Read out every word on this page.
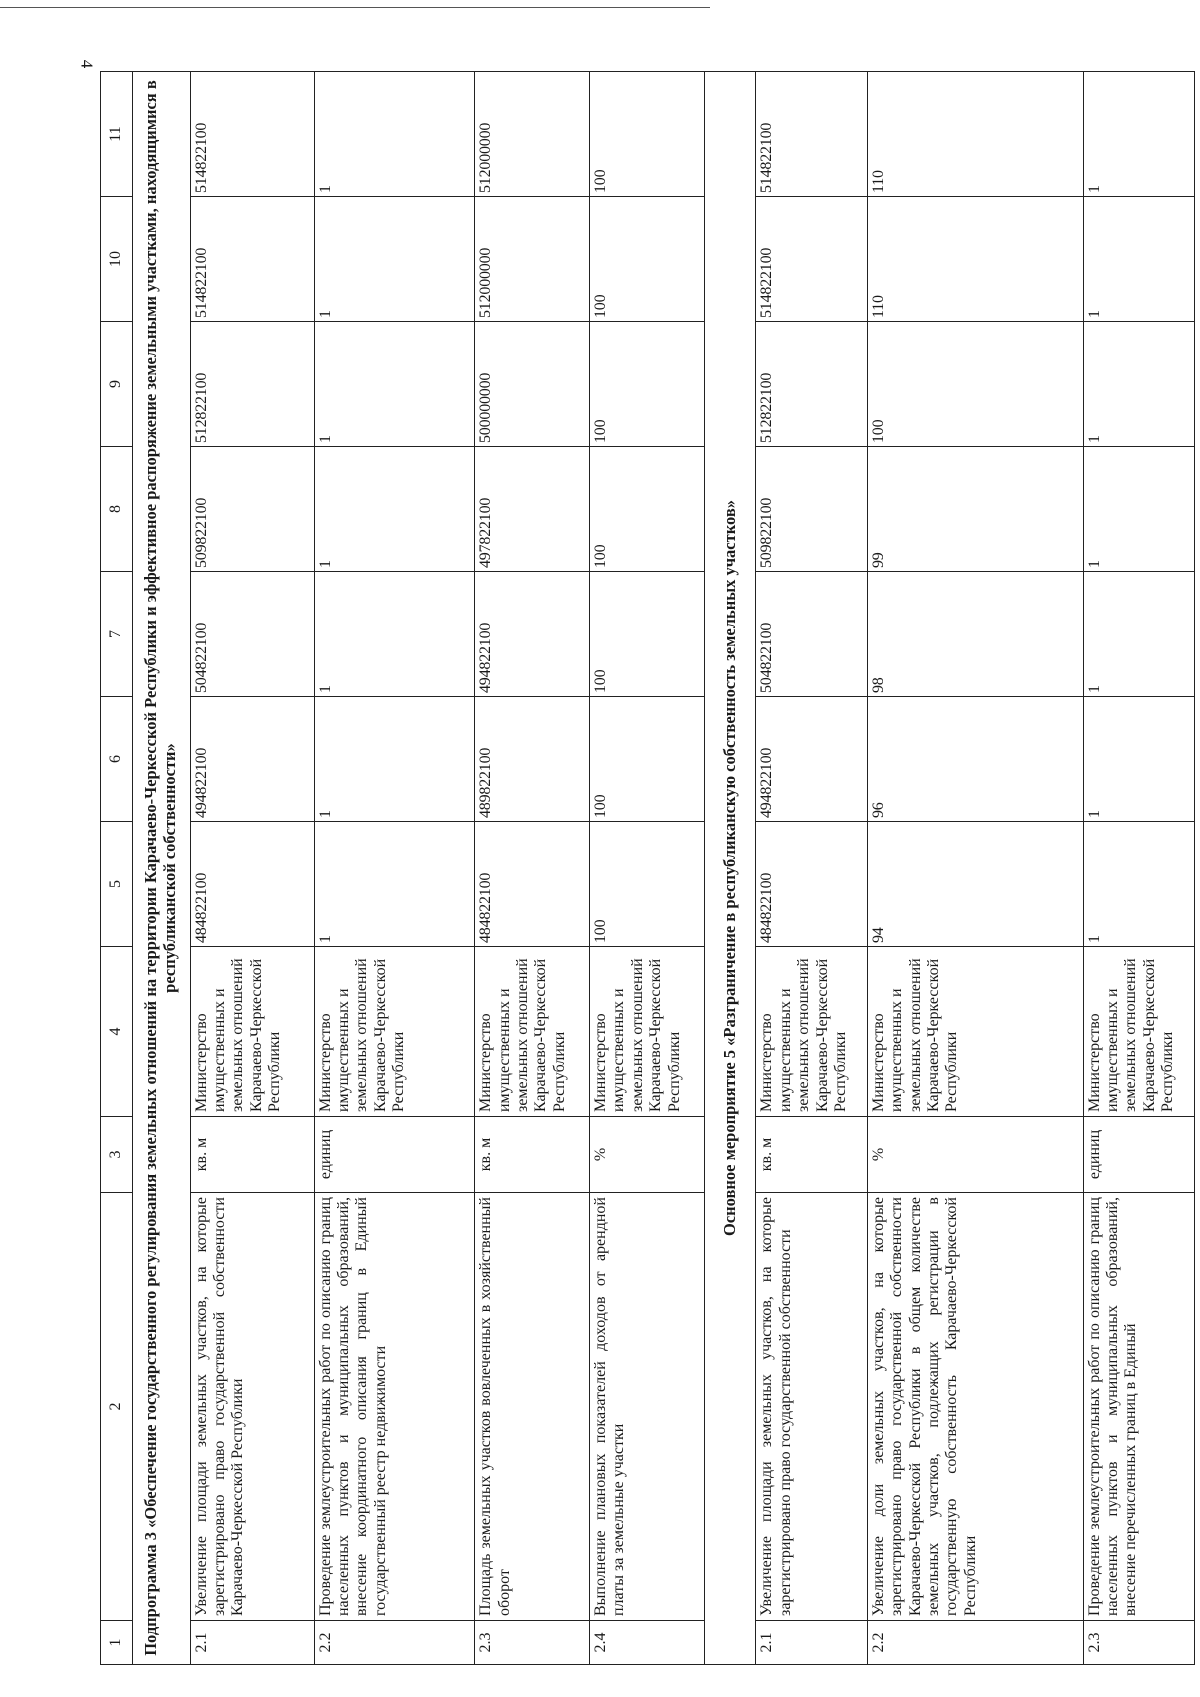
4
1	2	3	4	5	6	7	8	9	10	11
Подпрограмма 3 «Обеспечение государственного регулирования земельных отношений на территории Карачаево-Черкесской Республики и эффективное распоряжение земельными участками, находящимися в республиканской собственности»										
2.1	Увеличение площади земельных участков, на которые зарегистрировано право государственной собственности Карачаево-Черкесской Республики	кв. м	Министерство имущественных и земельных отношений Карачаево-Черкесской Республики	484822100	494822100	504822100	509822100	512822100	514822100	514822100
2.2	Проведение землеустроительных работ по описанию границ населенных пунктов и муниципальных образований, внесение координатного описания границ в Единый государственный реестр недвижимости	единиц	Министерство имущественных и земельных отношений Карачаево-Черкесской Республики	1	1	1	1	1	1	1
2.3	Площадь земельных участков вовлеченных в хозяйственный оборот	кв. м	Министерство имущественных и земельных отношений Карачаево-Черкесской Республики	484822100	489822100	494822100	497822100	500000000	512000000	512000000
2.4	Выполнение плановых показателей доходов от арендной платы за земельные участки	%	Министерство имущественных и земельных отношений Карачаево-Черкесской Республики	100	100	100	100	100	100	100
Основное мероприятие 5 «Разграничение в республиканскую собственность земельных участков»										
2.1	Увеличение площади земельных участков, на которые зарегистрировано право государственной собственности	кв. м	Министерство имущественных и земельных отношений Карачаево-Черкесской Республики	484822100	494822100	504822100	509822100	512822100	514822100	514822100
2.2	Увеличение доли земельных участков, на которые зарегистрировано право государственной собственности Карачаево-Черкесской Республики в общем количестве земельных участков, подлежащих регистрации в государственную собственность Карачаево-Черкесской Республики	%	Министерство имущественных и земельных отношений Карачаево-Черкесской Республики	94	96	98	99	100	110	110
2.3	Проведение землеустроительных работ по описанию границ населенных пунктов и муниципальных образований, внесение перечисленных границ в Единый	единиц	Министерство имущественных и земельных отношений Карачаево-Черкесской Республики	1	1	1	1	1	1	1
